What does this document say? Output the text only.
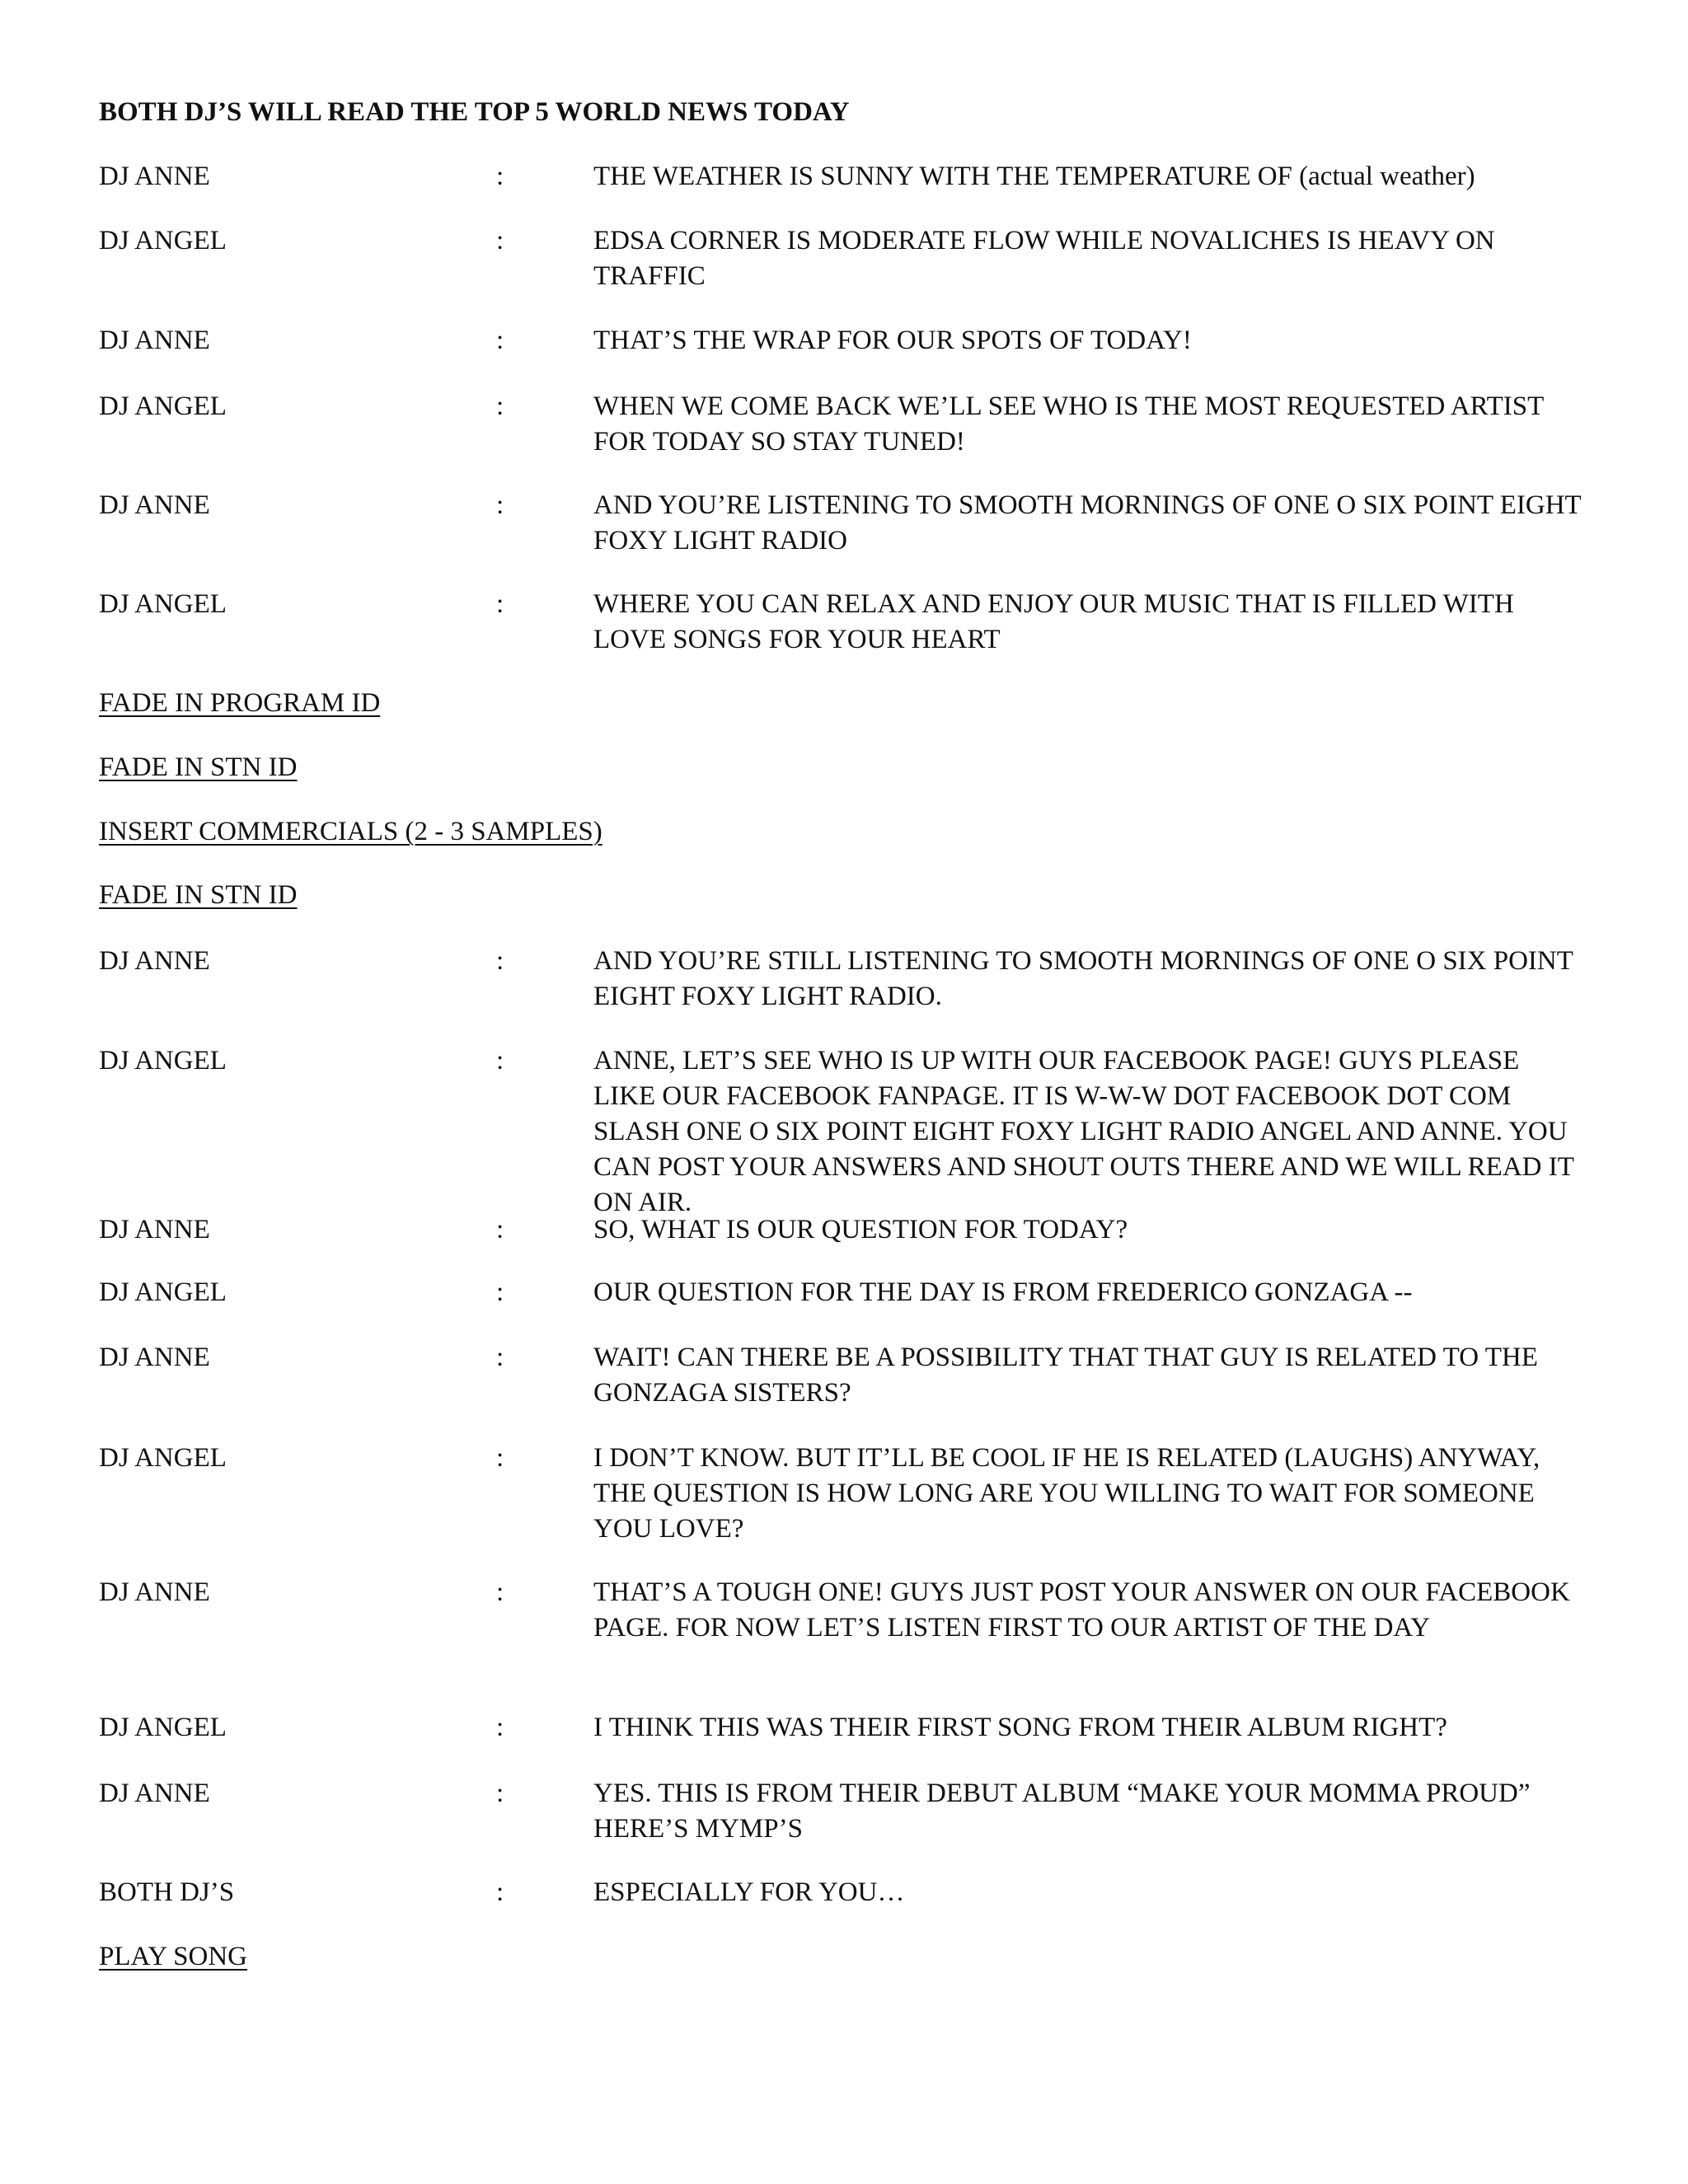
BOTH DJ’S WILL READ THE TOP 5 WORLD NEWS TODAY

DJ ANNE	:	THE WEATHER IS SUNNY WITH THE TEMPERATURE OF (actual weather)
DJ ANGEL	:	EDSA CORNER IS MODERATE FLOW WHILE NOVALICHES IS HEAVY ON TRAFFIC
DJ ANNE	:	THAT’S THE WRAP FOR OUR SPOTS OF TODAY!
DJ ANGEL	:	WHEN WE COME BACK WE’LL SEE WHO IS THE MOST REQUESTED ARTIST FOR TODAY SO STAY TUNED!
DJ ANNE	:	AND YOU’RE LISTENING TO SMOOTH MORNINGS OF ONE O SIX POINT EIGHT FOXY LIGHT RADIO
DJ ANGEL	:	WHERE YOU CAN RELAX AND ENJOY OUR MUSIC THAT IS FILLED WITH LOVE SONGS FOR YOUR HEART
FADE IN PROGRAM ID
FADE IN STN ID
INSERT COMMERCIALS (2 - 3 SAMPLES)
FADE IN STN ID
DJ ANNE	:	AND YOU’RE STILL LISTENING TO SMOOTH MORNINGS OF ONE O SIX POINT EIGHT FOXY LIGHT RADIO.
DJ ANGEL	:	ANNE, LET’S SEE WHO IS UP WITH OUR FACEBOOK PAGE! GUYS PLEASE LIKE OUR FACEBOOK FANPAGE. IT IS W-W-W DOT FACEBOOK DOT COM SLASH ONE O SIX POINT EIGHT FOXY LIGHT RADIO ANGEL AND ANNE. YOU CAN POST YOUR ANSWERS AND SHOUT OUTS THERE AND WE WILL READ IT ON AIR.
DJ ANNE	:	SO, WHAT IS OUR QUESTION FOR TODAY?
DJ ANGEL	:	OUR QUESTION FOR THE DAY IS FROM FREDERICO GONZAGA --
DJ ANNE	:	WAIT! CAN THERE BE A POSSIBILITY THAT THAT GUY IS RELATED TO THE GONZAGA SISTERS?
DJ ANGEL	:	I DON’T KNOW. BUT IT’LL BE COOL IF HE IS RELATED (LAUGHS) ANYWAY, THE QUESTION IS HOW LONG ARE YOU WILLING TO WAIT FOR SOMEONE YOU LOVE?
DJ ANNE	:	THAT’S A TOUGH ONE! GUYS JUST POST YOUR ANSWER ON OUR FACEBOOK PAGE. FOR NOW LET’S LISTEN FIRST TO OUR ARTIST OF THE DAY
DJ ANGEL	:	I THINK THIS WAS THEIR FIRST SONG FROM THEIR ALBUM RIGHT?
DJ ANNE	:	YES. THIS IS FROM THEIR DEBUT ALBUM “MAKE YOUR MOMMA PROUD” HERE’S MYMP’S
BOTH DJ’S	:	ESPECIALLY FOR YOU…
PLAY SONG
